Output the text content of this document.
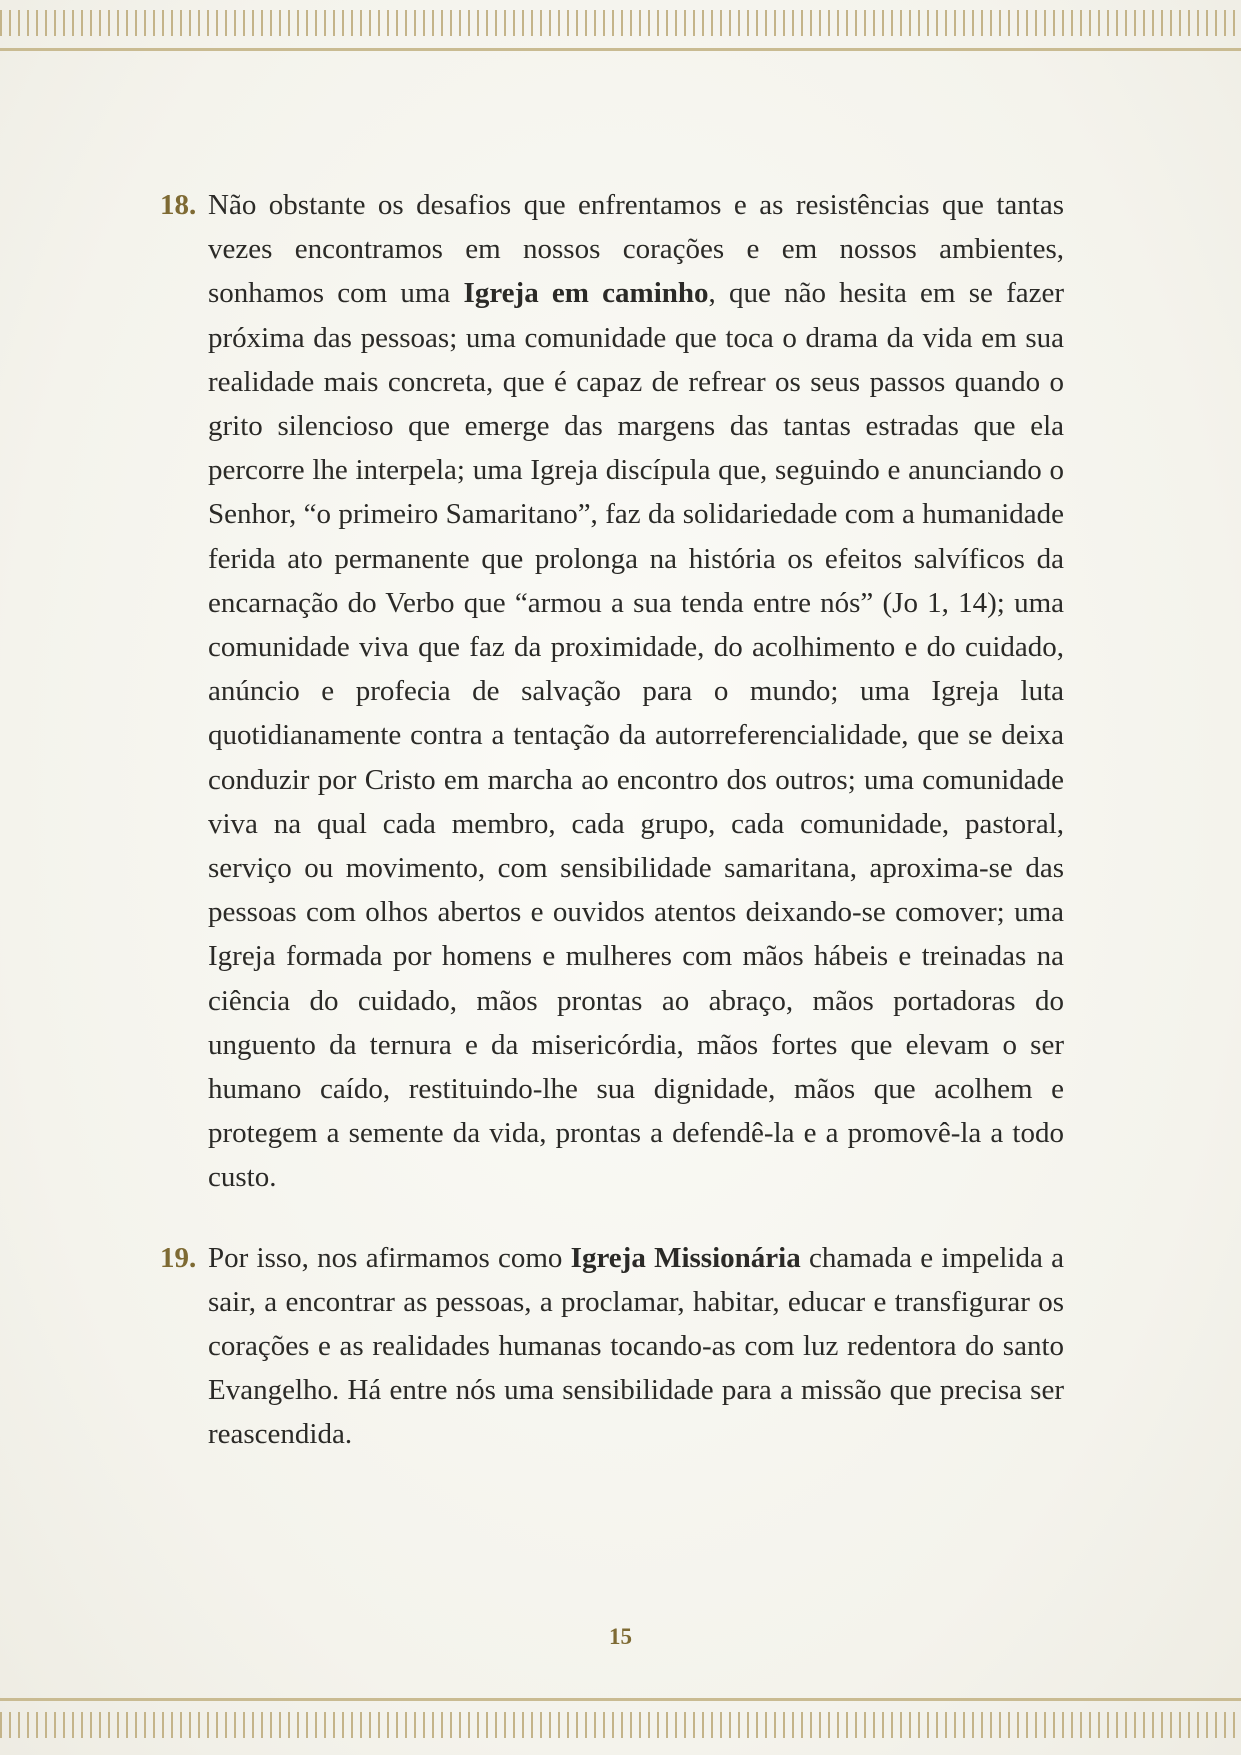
18. Não obstante os desafios que enfrentamos e as resistências que tantas vezes encontramos em nossos corações e em nossos ambientes, sonhamos com uma Igreja em caminho, que não hesita em se fazer próxima das pessoas; uma comunidade que toca o drama da vida em sua realidade mais concreta, que é capaz de refrear os seus passos quando o grito silencioso que emerge das margens das tantas estradas que ela percorre lhe interpela; uma Igreja discípula que, seguindo e anunciando o Senhor, “o primeiro Samaritano”, faz da solidariedade com a humanidade ferida ato permanente que prolonga na história os efeitos salvíficos da encarnação do Verbo que “armou a sua tenda entre nós” (Jo 1, 14); uma comunidade viva que faz da proximidade, do acolhimento e do cuidado, anúncio e profecia de salvação para o mundo; uma Igreja luta quotidianamente contra a tentação da autorreferencialidade, que se deixa conduzir por Cristo em marcha ao encontro dos outros; uma comunidade viva na qual cada membro, cada grupo, cada comunidade, pastoral, serviço ou movimento, com sensibilidade samaritana, aproxima-se das pessoas com olhos abertos e ouvidos atentos deixando-se comover; uma Igreja formada por homens e mulheres com mãos hábeis e treinadas na ciência do cuidado, mãos prontas ao abraço, mãos portadoras do unguento da ternura e da misericórdia, mãos fortes que elevam o ser humano caído, restituindo-lhe sua dignidade, mãos que acolhem e protegem a semente da vida, prontas a defendê-la e a promovê-la a todo custo.
19. Por isso, nos afirmamos como Igreja Missionária chamada e impelida a sair, a encontrar as pessoas, a proclamar, habitar, educar e transfigurar os corações e as realidades humanas tocando-as com luz redentora do santo Evangelho. Há entre nós uma sensibilidade para a missão que precisa ser reascendida.
15
